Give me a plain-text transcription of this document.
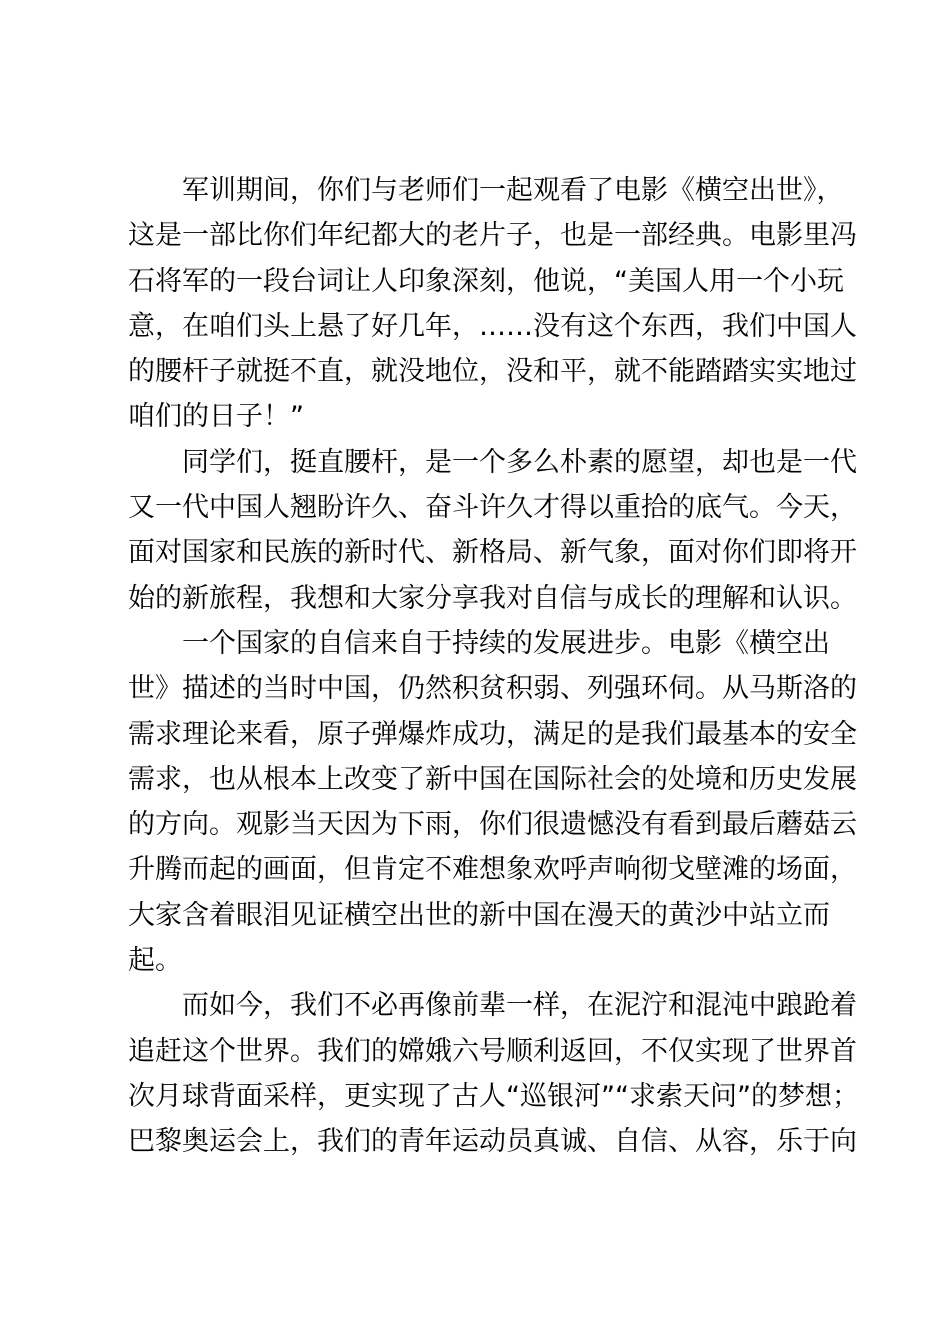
军训期间，你们与老师们一起观看了电影《横空出世》，
这是一部比你们年纪都大的老片子，也是一部经典。电影里冯
石将军的一段台词让人印象深刻，他说，“美国人用一个小玩
意，在咱们头上悬了好几年，……没有这个东西，我们中国人
的腰杆子就挺不直，就没地位，没和平，就不能踏踏实实地过
咱们的日子！”

同学们，挺直腰杆，是一个多么朴素的愿望，却也是一代
又一代中国人翘盼许久、奋斗许久才得以重拾的底气。今天，
面对国家和民族的新时代、新格局、新气象，面对你们即将开
始的新旅程，我想和大家分享我对自信与成长的理解和认识。

一个国家的自信来自于持续的发展进步。电影《横空出
世》描述的当时中国，仍然积贫积弱、列强环伺。从马斯洛的
需求理论来看，原子弹爆炸成功，满足的是我们最基本的安全
需求，也从根本上改变了新中国在国际社会的处境和历史发展
的方向。观影当天因为下雨，你们很遗憾没有看到最后蘑菇云
升腾而起的画面，但肯定不难想象欢呼声响彻戈壁滩的场面，
大家含着眼泪见证横空出世的新中国在漫天的黄沙中站立而
起。

而如今，我们不必再像前辈一样，在泥泞和混沌中踉跄着
追赶这个世界。我们的嫦娥六号顺利返回，不仅实现了世界首
次月球背面采样，更实现了古人“巡银河”“求索天问”的梦想；
巴黎奥运会上，我们的青年运动员真诚、自信、从容，乐于向
